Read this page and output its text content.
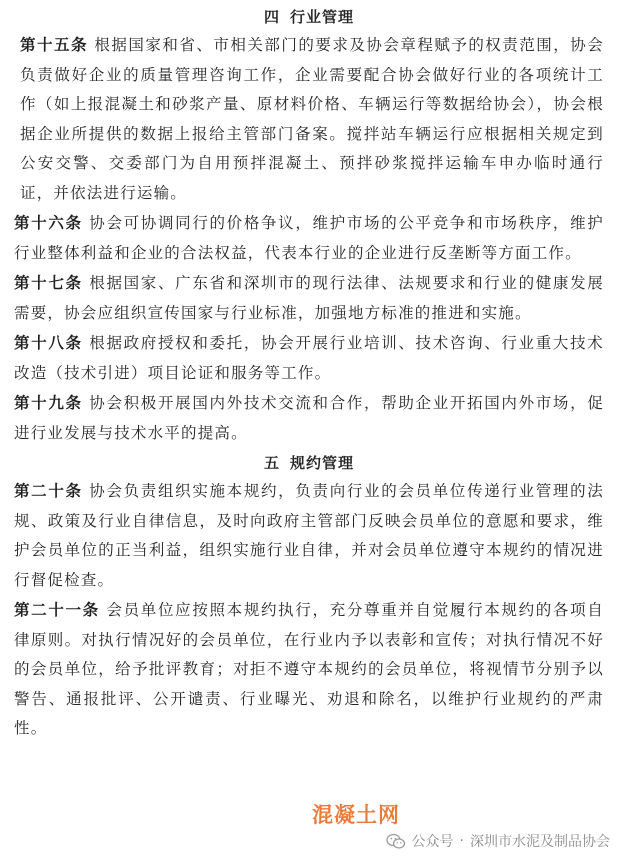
四 行业管理

第十五条 根据国家和省、市相关部门的要求及协会章程赋予的权责范围，协会负责做好企业的质量管理咨询工作，企业需要配合协会做好行业的各项统计工作（如上报混凝土和砂浆产量、原材料价格、车辆运行等数据给协会），协会根据企业所提供的数据上报给主管部门备案。搅拌站车辆运行应根据相关规定到公安交警、交委部门为自用预拌混凝土、预拌砂浆搅拌运输车申办临时通行证，并依法进行运输。

第十六条 协会可协调同行的价格争议，维护市场的公平竞争和市场秩序，维护行业整体利益和企业的合法权益，代表本行业的企业进行反垄断等方面工作。

第十七条 根据国家、广东省和深圳市的现行法律、法规要求和行业的健康发展需要，协会应组织宣传国家与行业标准，加强地方标准的推进和实施。

第十八条 根据政府授权和委托，协会开展行业培训、技术咨询、行业重大技术改造（技术引进）项目论证和服务等工作。

第十九条 协会积极开展国内外技术交流和合作，帮助企业开拓国内外市场，促进行业发展与技术水平的提高。

五 规约管理

第二十条 协会负责组织实施本规约，负责向行业的会员单位传递行业管理的法规、政策及行业自律信息，及时向政府主管部门反映会员单位的意愿和要求，维护会员单位的正当利益，组织实施行业自律，并对会员单位遵守本规约的情况进行督促检查。

第二十一条 会员单位应按照本规约执行，充分尊重并自觉履行本规约的各项自律原则。对执行情况好的会员单位，在行业内予以表彰和宣传；对执行情况不好的会员单位，给予批评教育；对拒不遵守本规约的会员单位，将视情节分别予以警告、通报批评、公开谴责、行业曝光、劝退和除名，以维护行业规约的严肃性。

混凝土网
公众号 · 深圳市水泥及制品协会
